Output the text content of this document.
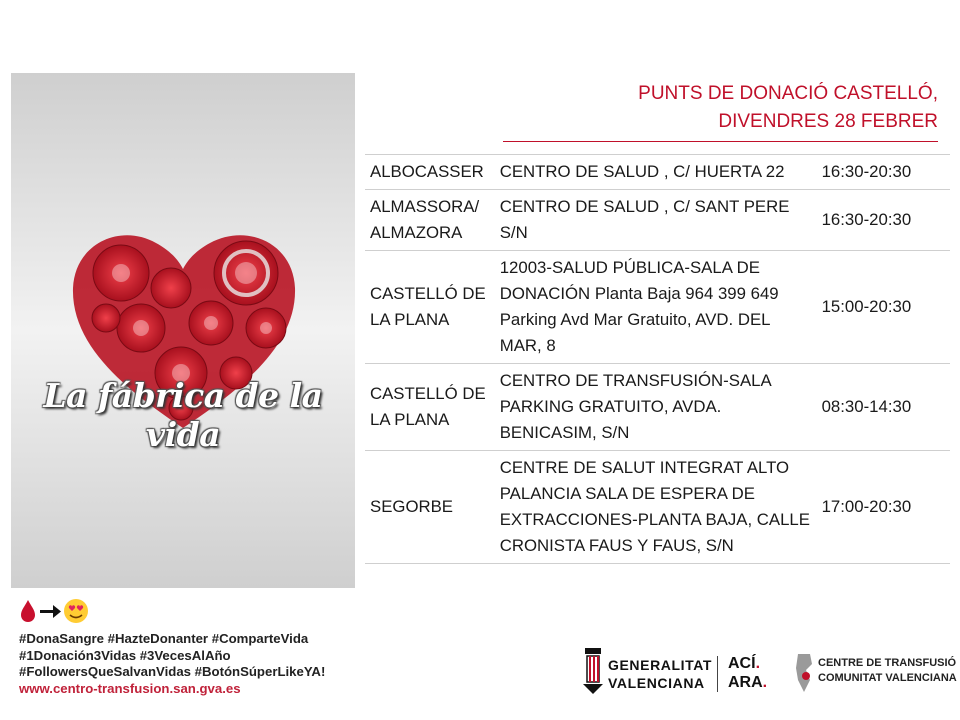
La fábrica de la vida
#DonaSangre #HazteDonanter #ComparteVida
#1Donación3Vidas #3VecesAlAño
#FollowersQueSalvanVidas #BotónSúperLikeYA!
www.centro-transfusion.san.gva.es
PUNTS DE DONACIÓ CASTELLÓ,
DIVENDRES 28 FEBRER
ALBOCASSER	CENTRO DE SALUD , C/ HUERTA 22	16:30-20:30
ALMASSORA/ ALMAZORA	CENTRO DE SALUD , C/ SANT PERE S/N	16:30-20:30
CASTELLÓ DE LA PLANA	12003-SALUD PÚBLICA-SALA DE DONACIÓN Planta Baja 964 399 649 Parking Avd Mar Gratuito, AVD. DEL MAR, 8	15:00-20:30
CASTELLÓ DE LA PLANA	CENTRO DE TRANSFUSIÓN-SALA PARKING GRATUITO, AVDA. BENICASIM, S/N	08:30-14:30
SEGORBE	CENTRE DE SALUT INTEGRAT ALTO PALANCIA SALA DE ESPERA DE EXTRACCIONES-PLANTA BAJA, CALLE CRONISTA FAUS Y FAUS, S/N	17:00-20:30
GENERALITAT
VALENCIANA
ACÍ.
ARA.
CENTRE DE TRANSFUSIÓ
COMUNITAT VALENCIANA
